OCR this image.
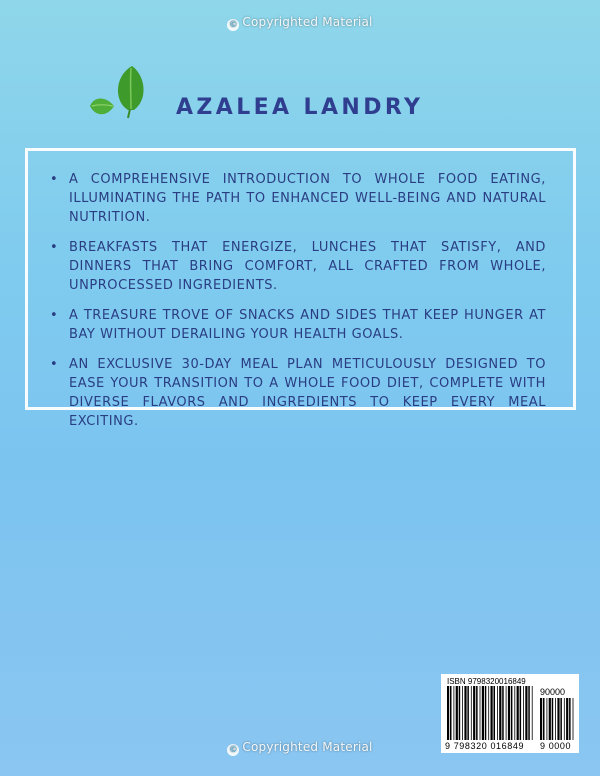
© Copyrighted Material
AZALEA LANDRY
• A COMPREHENSIVE INTRODUCTION TO WHOLE FOOD EATING, ILLUMINATING THE PATH TO ENHANCED WELL-BEING AND NATURAL NUTRITION.
• BREAKFASTS THAT ENERGIZE, LUNCHES THAT SATISFY, AND DINNERS THAT BRING COMFORT, ALL CRAFTED FROM WHOLE, UNPROCESSED INGREDIENTS.
• A TREASURE TROVE OF SNACKS AND SIDES THAT KEEP HUNGER AT BAY WITHOUT DERAILING YOUR HEALTH GOALS.
• AN EXCLUSIVE 30-DAY MEAL PLAN METICULOUSLY DESIGNED TO EASE YOUR TRANSITION TO A WHOLE FOOD DIET, COMPLETE WITH DIVERSE FLAVORS AND INGREDIENTS TO KEEP EVERY MEAL EXCITING.
ISBN 9798320016849
90000
9 798320 016849 9 0000
© Copyrighted Material
